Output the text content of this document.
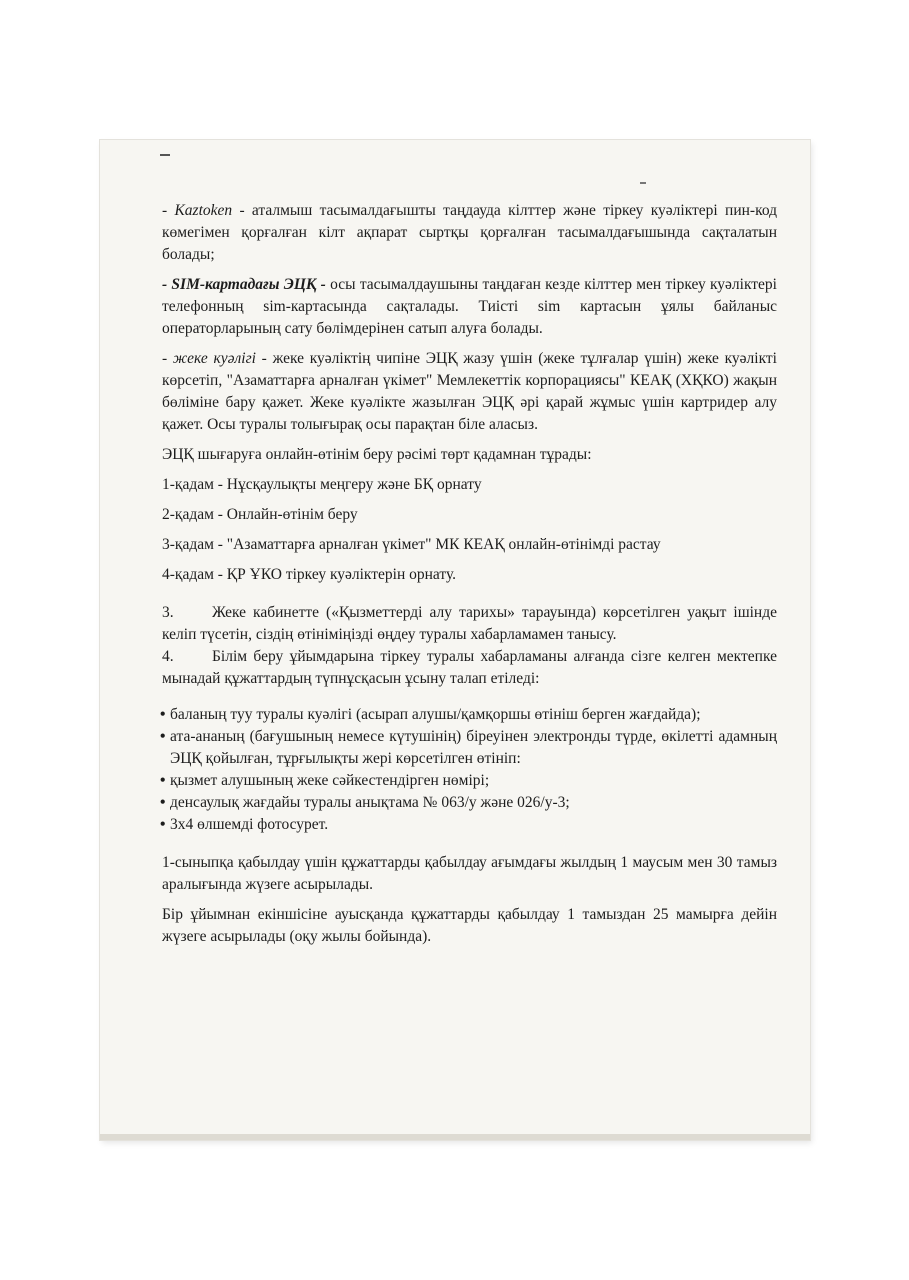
- Kaztoken - аталмыш тасымалдағышты таңдауда кілттер және тіркеу куәліктері пин-код көмегімен қорғалған кілт ақпарат сыртқы қорғалған тасымалдағышында сақталатын болады;

- SIM-картадағы ЭЦҚ - осы тасымалдаушыны таңдаған кезде кілттер мен тіркеу куәліктері телефонның sim-картасында сақталады. Тиісті sim картасын ұялы байланыс операторларының сату бөлімдерінен сатып алуға болады.

- жеке куәлігі - жеке куәліктің чипіне ЭЦҚ жазу үшін (жеке тұлғалар үшін) жеке куәлікті көрсетіп, "Азаматтарға арналған үкімет" Мемлекеттік корпорациясы" КЕАҚ (ХҚКО) жақын бөліміне бару қажет. Жеке куәлікте жазылған ЭЦҚ әрі қарай жұмыс үшін картридер алу қажет. Осы туралы толығырақ осы парақтан біле аласыз.

ЭЦҚ шығаруға онлайн-өтінім беру рәсімі төрт қадамнан тұрады:

1-қадам - Нұсқаулықты меңгеру және БҚ орнату

2-қадам - Онлайн-өтінім беру

3-қадам - "Азаматтарға арналған үкімет" МК КЕАҚ онлайн-өтінімді растау

4-қадам - ҚР ҰКО тіркеу куәліктерін орнату.

3. Жеке кабинетте («Қызметтерді алу тарихы» тарауында) көрсетілген уақыт ішінде келіп түсетін, сіздің өтініміңізді өңдеу туралы хабарламамен танысу.

4. Білім беру ұйымдарына тіркеу туралы хабарламаны алғанда сізге келген мектепке мынадай құжаттардың түпнұсқасын ұсыну талап етіледі:

• баланың туу туралы куәлігі (асырап алушы/қамқоршы өтініш берген жағдайда);
• ата-ананың (бағушының немесе күтушінің) біреуінен электронды түрде, өкілетті адамның ЭЦҚ қойылған, тұрғылықты жері көрсетілген өтініп:
• қызмет алушының жеке сәйкестендірген нөмірі;
• денсаулық жағдайы туралы анықтама № 063/у және 026/у-3;
• 3x4 өлшемді фотосурет.

1-сыныпқа қабылдау үшін құжаттарды қабылдау ағымдағы жылдың 1 маусым мен 30 тамыз аралығында жүзеге асырылады.

Бір ұйымнан екіншісіне ауысқанда құжаттарды қабылдау 1 тамыздан 25 мамырға дейін жүзеге асырылады (оқу жылы бойында).
